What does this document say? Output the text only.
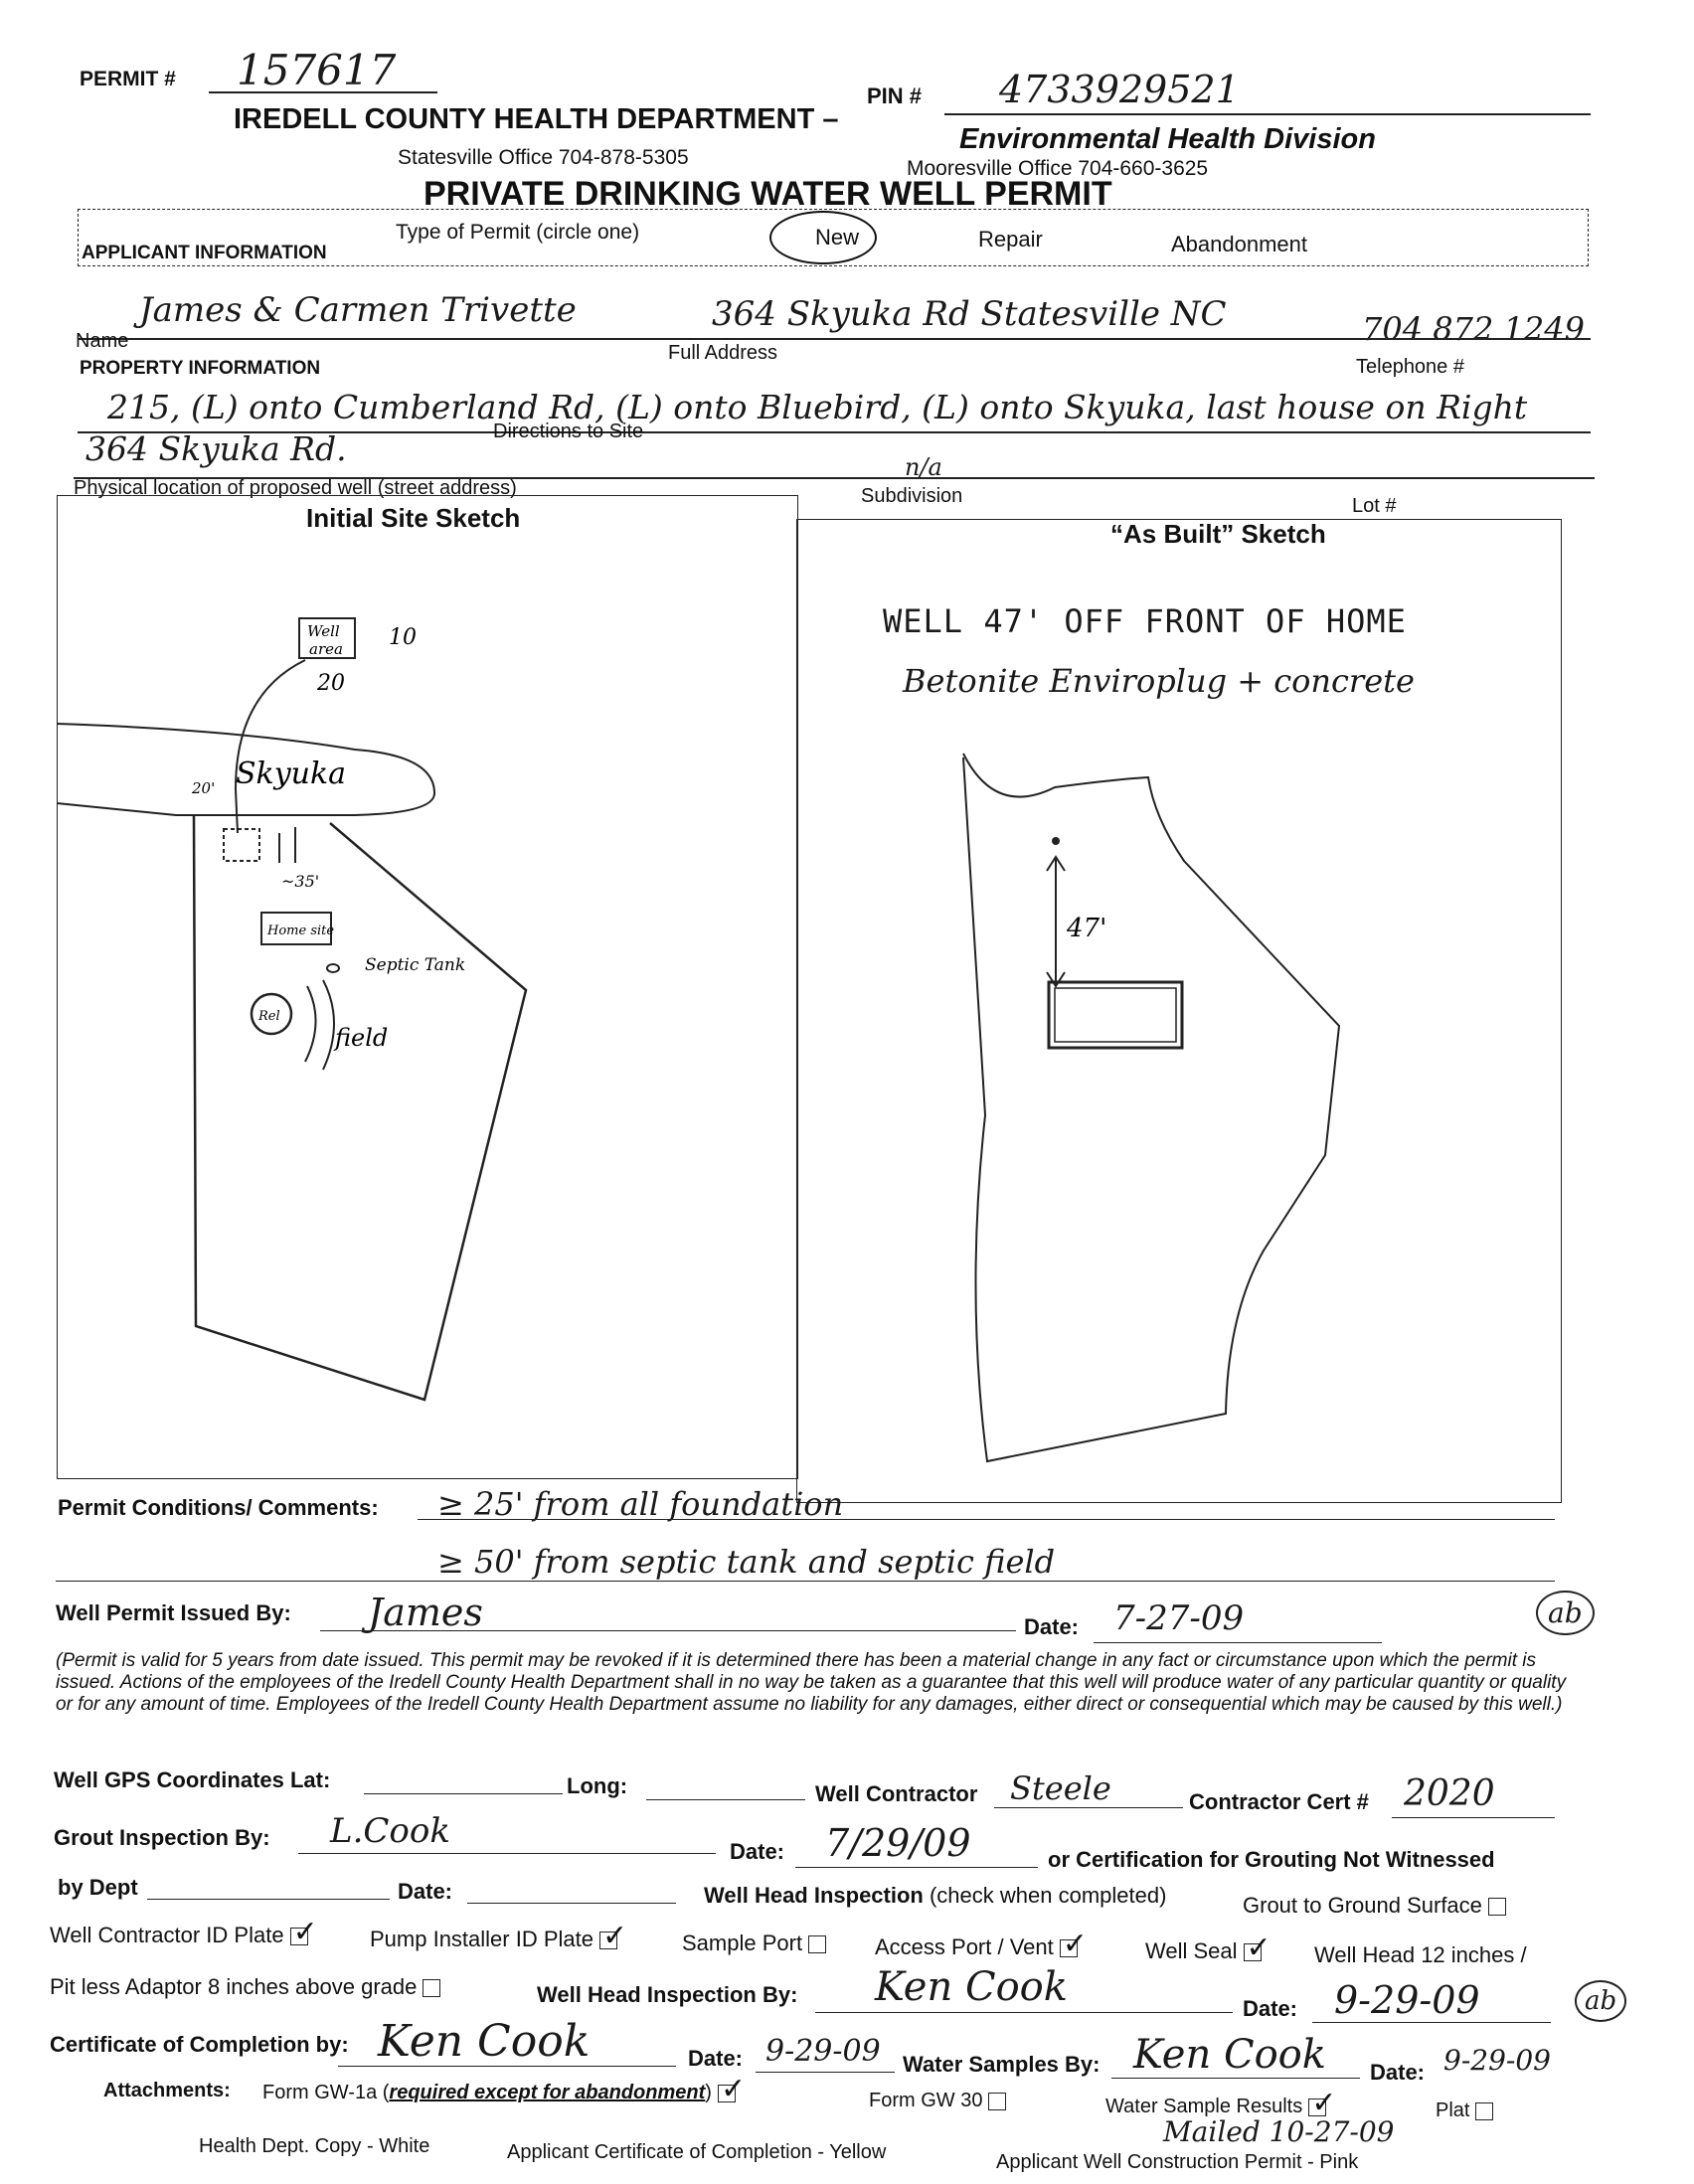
PERMIT # 157617
PIN # 4733929521
IREDELL COUNTY HEALTH DEPARTMENT –
Environmental Health Division
Statesville Office 704-878-5305	Mooresville Office 704-660-3625
PRIVATE DRINKING WATER WELL PERMIT
Type of Permit (circle one)	New	Repair	Abandonment
APPLICANT INFORMATION
James & Carmen Trivette	364 Skyuka Rd Statesville NC	704 872 1249
Name
Full Address
Telephone #
PROPERTY INFORMATION
215, (L) onto Cumberland Rd, (L) onto Bluebird, (L) onto Skyuka, last house on Right
Directions to Site
364 Skyuka Rd.	n/a
Physical location of proposed well (street address)	Subdivision	Lot #
Initial Site Sketch
“As Built” Sketch
Well
area 10
20
Skyuka
20'
~35'
Home site
Septic Tank
Rel
field
WELL 47' OFF FRONT OF HOME
Betonite Enviroplug + concrete
47'
Permit Conditions/ Comments: ≥ 25' from all foundation
≥ 50' from septic tank and septic field
Well Permit Issued By: James	Date: 7-27-09	ab
(Permit is valid for 5 years from date issued. This permit may be revoked if it is determined there has been a material change in any fact or circumstance upon which the permit is issued. Actions of the employees of the Iredell County Health Department shall in no way be taken as a guarantee that this well will produce water of any particular quantity or quality or for any amount of time. Employees of the Iredell County Health Department assume no liability for any damages, either direct or consequential which may be caused by this well.)
Well GPS Coordinates Lat:	Long:	Well Contractor Steele	Contractor Cert # 2020
Grout Inspection By: L.Cook
Date: 7/29/09	or Certification for Grouting Not Witnessed
by Dept	Date:	Well Head Inspection (check when completed)	Grout to Ground Surface
Well Contractor ID Plate ✓	Pump Installer ID Plate ✓	Sample Port	Access Port / Vent ✓	Well Seal ✓	Well Head 12 inches /
Pit less Adaptor 8 inches above grade	Well Head Inspection By: Ken Cook	Date: 9-29-09	ab
Certificate of Completion by: Ken Cook	Date: 9-29-09 Water Samples By: Ken Cook Date: 9-29-09
Attachments: Form GW-1a (required except for abandonment) ✓	Form GW 30	Water Sample Results ✓	Plat
Mailed 10-27-09
Health Dept. Copy - White	Applicant Certificate of Completion - Yellow	Applicant Well Construction Permit - Pink
